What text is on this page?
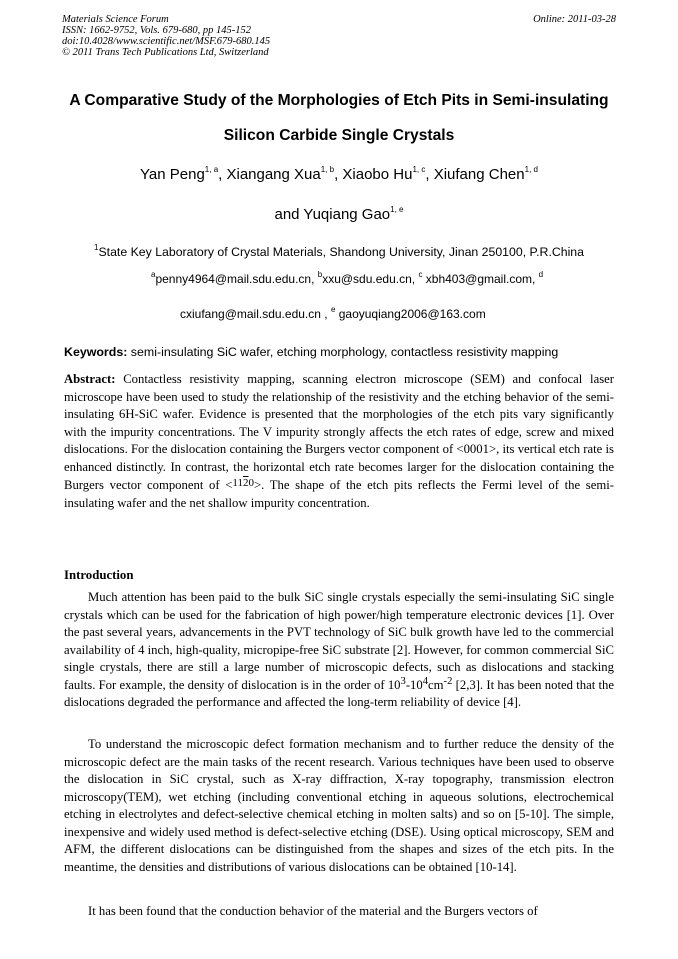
Materials Science Forum
ISSN: 1662-9752, Vols. 679-680, pp 145-152
doi:10.4028/www.scientific.net/MSF.679-680.145
© 2011 Trans Tech Publications Ltd, Switzerland
Online: 2011-03-28
A Comparative Study of the Morphologies of Etch Pits in Semi-insulating
Silicon Carbide Single Crystals
Yan Peng$^{1, a}$, Xiangang Xua$^{1, b}$, Xiaobo Hu$^{1, c}$, Xiufang Chen$^{1, d}$
and Yuqiang Gao$^{1, e}$
$^1$State Key Laboratory of Crystal Materials, Shandong University, Jinan 250100, P.R.China
$^a$penny4964@mail.sdu.edu.cn, $^b$xxu@sdu.edu.cn, $^c$ xbh403@gmail.com, $^d$
cxiufang@mail.sdu.edu.cn , $^e$ gaoyuqiang2006@163.com
Keywords: semi-insulating SiC wafer, etching morphology, contactless resistivity mapping
Abstract: Contactless resistivity mapping, scanning electron microscope (SEM) and confocal laser microscope have been used to study the relationship of the resistivity and the etching behavior of the semi-insulating 6H-SiC wafer. Evidence is presented that the morphologies of the etch pits vary significantly with the impurity concentrations. The V impurity strongly affects the etch rates of edge, screw and mixed dislocations. For the dislocation containing the Burgers vector component of <0001>, its vertical etch rate is enhanced distinctly. In contrast, the horizontal etch rate becomes larger for the dislocation containing the Burgers vector component of <1120>. The shape of the etch pits reflects the Fermi level of the semi-insulating wafer and the net shallow impurity concentration.
Introduction
Much attention has been paid to the bulk SiC single crystals especially the semi-insulating SiC single crystals which can be used for the fabrication of high power/high temperature electronic devices [1]. Over the past several years, advancements in the PVT technology of SiC bulk growth have led to the commercial availability of 4 inch, high-quality, micropipe-free SiC substrate [2]. However, for common commercial SiC single crystals, there are still a large number of microscopic defects, such as dislocations and stacking faults. For example, the density of dislocation is in the order of $10^3-10^4cm^{-2}$ [2,3]. It has been noted that the dislocations degraded the performance and affected the long-term reliability of device [4].
To understand the microscopic defect formation mechanism and to further reduce the density of the microscopic defect are the main tasks of the recent research. Various techniques have been used to observe the dislocation in SiC crystal, such as X-ray diffraction, X-ray topography, transmission electron microscopy(TEM), wet etching (including conventional etching in aqueous solutions, electrochemical etching in electrolytes and defect-selective chemical etching in molten salts) and so on [5-10]. The simple, inexpensive and widely used method is defect-selective etching (DSE). Using optical microscopy, SEM and AFM, the different dislocations can be distinguished from the shapes and sizes of the etch pits. In the meantime, the densities and distributions of various dislocations can be obtained [10-14].
It has been found that the conduction behavior of the material and the Burgers vectors of
